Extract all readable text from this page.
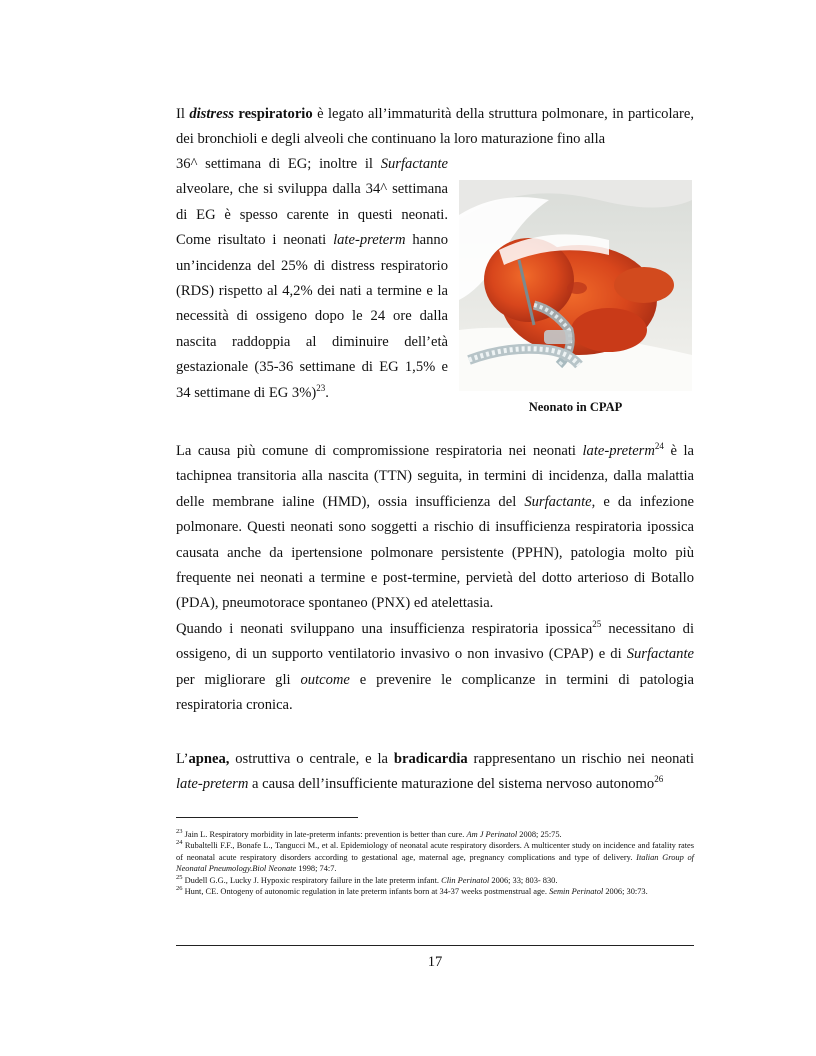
Il distress respiratorio è legato all’immaturità della struttura polmonare, in particolare, dei bronchioli e degli alveoli che continuano la loro maturazione fino alla

36^ settimana di EG; inoltre il Surfactante alveolare, che si sviluppa dalla 34^ settimana di EG è spesso carente in questi neonati. Come risultato i neonati late-preterm hanno un’incidenza del 25% di distress respiratorio (RDS) rispetto al 4,2% dei nati a termine e la necessità di ossigeno dopo le 24 ore dalla nascita raddoppia al diminuire dell’età gestazionale (35-36 settimane di EG 1,5% e 34 settimane di EG 3%)$^{23}$.

Neonato in CPAP

La causa più comune di compromissione respiratoria nei neonati late-preterm$^{24}$ è la tachipnea transitoria alla nascita (TTN) seguita, in termini di incidenza, dalla malattia delle membrane ialine (HMD), ossia insufficienza del Surfactante, e da infezione polmonare. Questi neonati sono soggetti a rischio di insufficienza respiratoria ipossica causata anche da ipertensione polmonare persistente (PPHN), patologia molto più frequente nei neonati a termine e post-termine, pervietà del dotto arterioso di Botallo (PDA), pneumotorace spontaneo (PNX) ed atelettasia.

Quando i neonati sviluppano una insufficienza respiratoria ipossica$^{25}$ necessitano di ossigeno, di un supporto ventilatorio invasivo o non invasivo (CPAP) e di Surfactante per migliorare gli outcome e prevenire le complicanze in termini di patologia respiratoria cronica.

L’apnea, ostruttiva o centrale, e la bradicardia rappresentano un rischio nei neonati late-preterm a causa dell’insufficiente maturazione del sistema nervoso autonomo$^{26}$

$^{23}$ Jain L. Respiratory morbidity in late-preterm infants: prevention is better than cure. Am J Perinatol 2008; 25:75.

$^{24}$ Rubaltelli F.F., Bonafe L., Tangucci M., et al. Epidemiology of neonatal acute respiratory disorders. A multicenter study on incidence and fatality rates of neonatal acute respiratory disorders according to gestational age, maternal age, pregnancy complications and type of delivery. Italian Group of Neonatal Pneumology.Biol Neonate 1998; 74:7.

$^{25}$ Dudell G.G., Lucky J. Hypoxic respiratory failure in the late preterm infant. Clin Perinatol 2006; 33; 803- 830.

$^{26}$ Hunt, CE. Ontogeny of autonomic regulation in late preterm infants born at 34-37 weeks postmenstrual age. Semin Perinatol 2006; 30:73.

17
